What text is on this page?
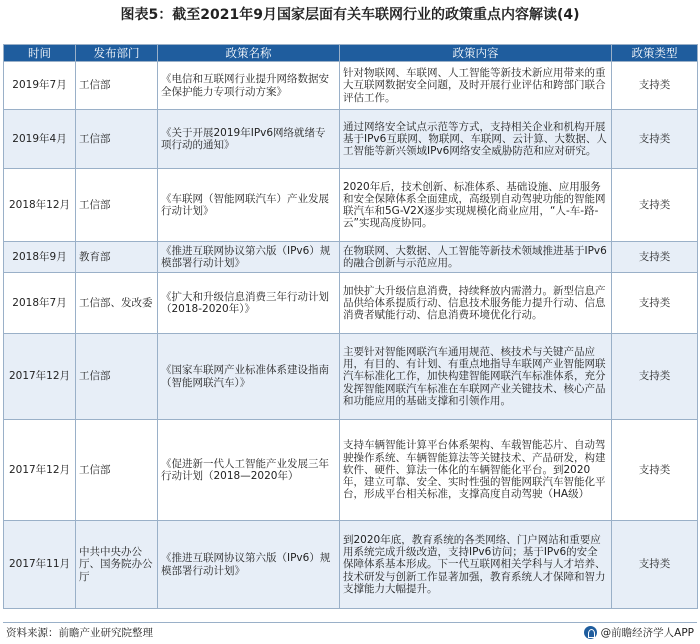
图表5：截至2021年9月国家层面有关车联网行业的政策重点内容解读(4)
时间	发布部门	政策名称	政策内容	政策类型
2019年7月	工信部	《电信和互联网行业提升网络数据安全保护能力专项行动方案》	针对物联网、车联网、人工智能等新技术新应用带来的重大互联网数据安全问题，及时开展行业评估和跨部门联合评估工作。	支持类
2019年4月	工信部	《关于开展2019年IPv6网络就绪专项行动的通知》	通过网络安全试点示范等方式，支持相关企业和机构开展基于IPv6互联网、物联网、车联网、云计算、大数据、人工智能等新兴领域IPv6网络安全威胁防范和应对研究。	支持类
2018年12月	工信部	《车联网（智能网联汽车）产业发展行动计划》	2020年后，技术创新、标准体系、基础设施、应用服务和安全保障体系全面建成，高级别自动驾驶功能的智能网联汽车和5G-V2X逐步实现规模化商业应用，“人-车-路-云”实现高度协同。	支持类
2018年9月	教育部	《推进互联网协议第六版（IPv6）规模部署行动计划》	在物联网、大数据、人工智能等新技术领域推进基于IPv6的融合创新与示范应用。	支持类
2018年7月	工信部、发改委	《扩大和升级信息消费三年行动计划（2018-2020年）》	加快扩大升级信息消费，持续释放内需潜力。新型信息产品供给体系提质行动、信息技术服务能力提升行动、信息消费者赋能行动、信息消费环境优化行动。	支持类
2017年12月	工信部	《国家车联网产业标准体系建设指南（智能网联汽车）》	主要针对智能网联汽车通用规范、核技术与关键产品应用，有目的、有计划、有重点地指导车联网产业智能网联汽车标准化工作，加快构建智能网联汽车标准体系，充分发挥智能网联汽车标准在车联网产业关键技术、核心产品和功能应用的基础支撑和引领作用。	支持类
2017年12月	工信部	《促进新一代人工智能产业发展三年行动计划（2018—2020年）	支持车辆智能计算平台体系架构、车载智能芯片、自动驾驶操作系统、车辆智能算法等关键技术、产品研发，构建软件、硬件、算法一体化的车辆智能化平台。到2020年，建立可靠、安全、实时性强的智能网联汽车智能化平台，形成平台相关标准，支撑高度自动驾驶（HA级）	支持类
2017年11月	中共中央办公厅、国务院办公厅	《推进互联网协议第六版（IPv6）规模部署行动计划》	到2020年底，教育系统的各类网络、门户网站和重要应用系统完成升级改造，支持IPv6访问；基于IPv6的安全保障体系基本形成。下一代互联网相关学科与人才培养、技术研发与创新工作显著加强，教育系统人才保障和智力支撑能力大幅提升。	支持类
资料来源：前瞻产业研究院整理	@前瞻经济学人APP
